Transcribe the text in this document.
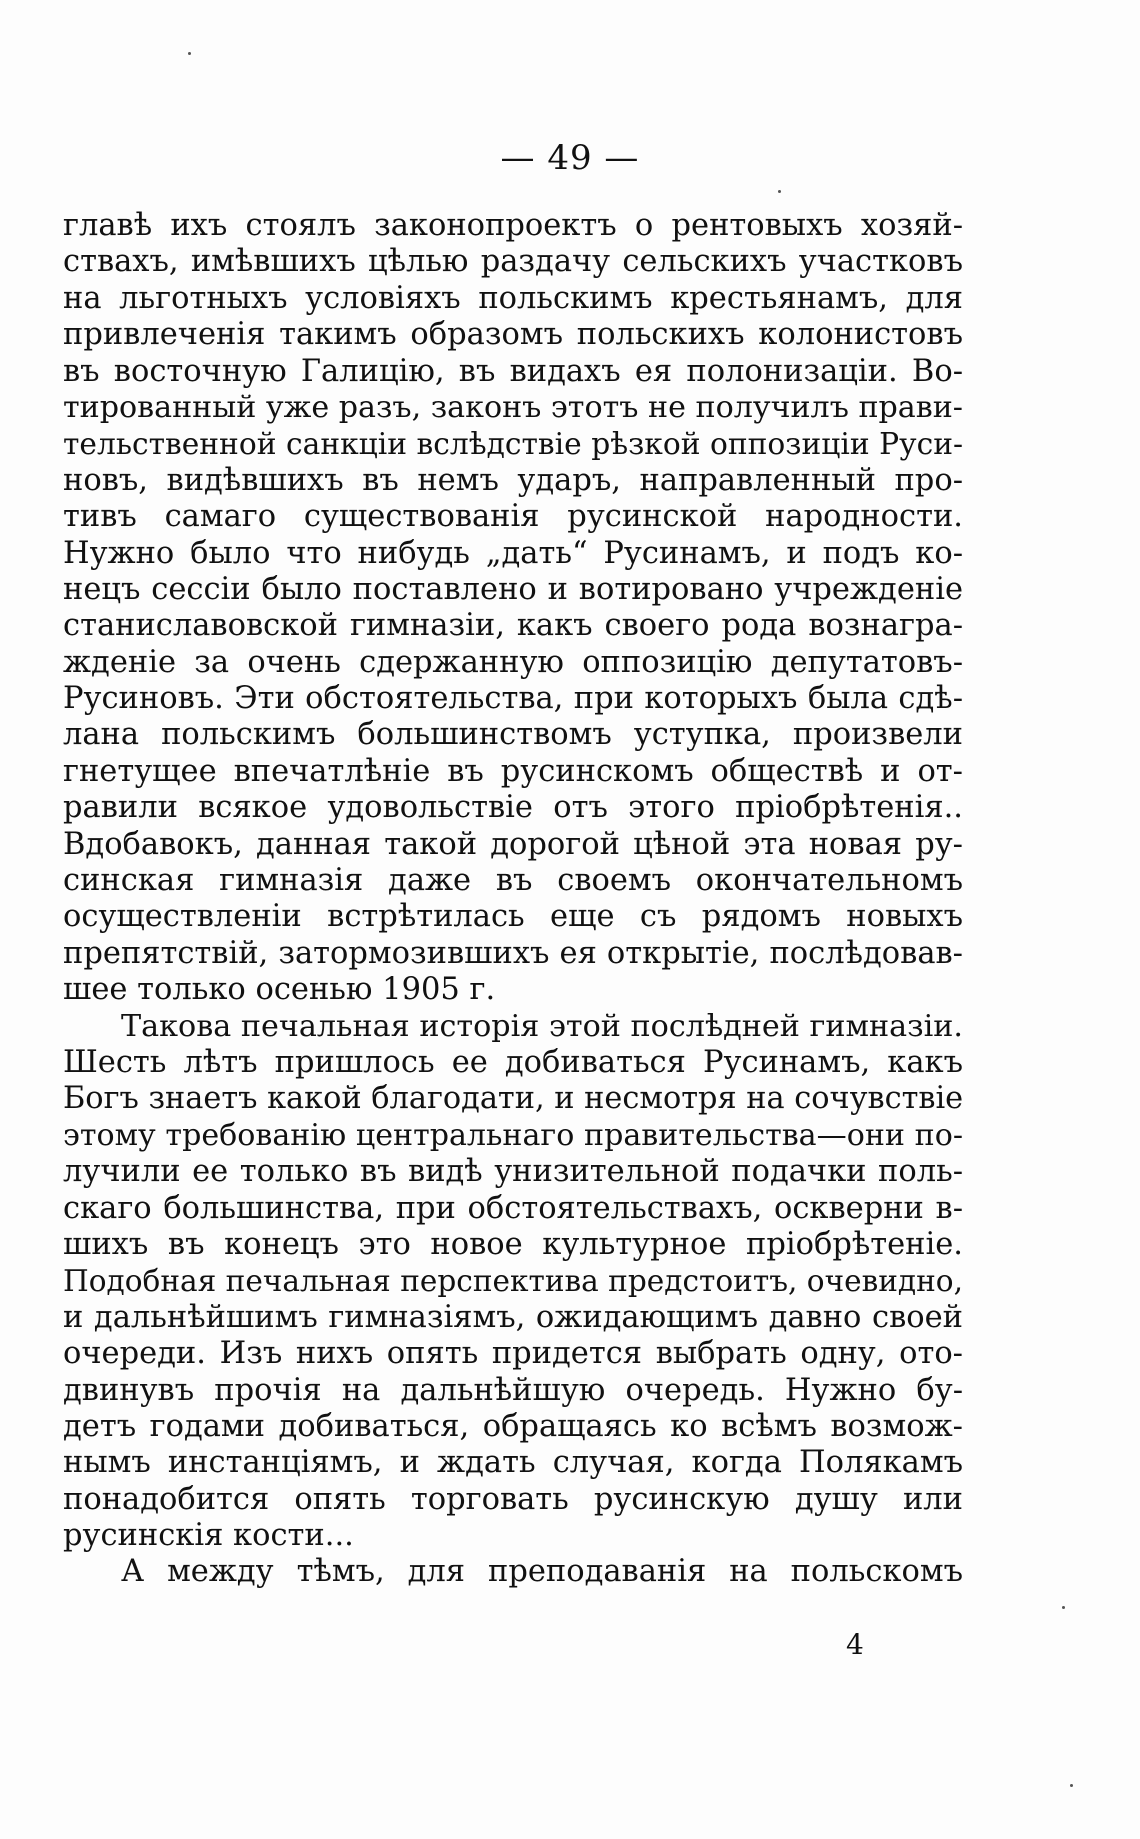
— 49 —
главѣ ихъ стоялъ законопроектъ о рентовыхъ хозяй-
ствахъ, имѣвшихъ цѣлью раздачу сельскихъ участковъ
на льготныхъ условіяхъ польскимъ крестьянамъ, для
привлеченія такимъ образомъ польскихъ колонистовъ
въ восточную Галицію, въ видахъ ея полонизаціи. Во-
тированный уже разъ, законъ этотъ не получилъ прави-
тельственной санкціи вслѣдствіе рѣзкой оппозиціи Руси-
новъ, видѣвшихъ въ немъ ударъ, направленный про-
тивъ самаго существованія русинской народности.
Нужно было что нибудь „дать“ Русинамъ, и подъ ко-
нецъ сессіи было поставлено и вотировано учрежденіе
станиславовской гимназіи, какъ своего рода вознагра-
жденіе за очень сдержанную оппозицію депутатовъ-
Русиновъ. Эти обстоятельства, при которыхъ была сдѣ-
лана польскимъ большинствомъ уступка, произвели
гнетущее впечатлѣніе въ русинскомъ обществѣ и от-
равили всякое удовольствіе отъ этого пріобрѣтенія..
Вдобавокъ, данная такой дорогой цѣной эта новая ру-
синская гимназія даже въ своемъ окончательномъ
осуществленіи встрѣтилась еще съ рядомъ новыхъ
препятствій, затормозившихъ ея открытіе, послѣдовав-
шее только осенью 1905 г.
Такова печальная исторія этой послѣдней гимназіи.
Шесть лѣтъ пришлось ее добиваться Русинамъ, какъ
Богъ знаетъ какой благодати, и несмотря на сочувствіе
этому требованію центральнаго правительства—они по-
лучили ее только въ видѣ унизительной подачки поль-
скаго большинства, при обстоятельствахъ, оскверни в-
шихъ въ конецъ это новое культурное пріобрѣтеніе.
Подобная печальная перспектива предстоитъ, очевидно,
и дальнѣйшимъ гимназіямъ, ожидающимъ давно своей
очереди. Изъ нихъ опять придется выбрать одну, ото-
двинувъ прочія на дальнѣйшую очередь. Нужно бу-
детъ годами добиваться, обращаясь ко всѣмъ возмож-
нымъ инстанціямъ, и ждать случая, когда Полякамъ
понадобится опять торговать русинскую душу или
русинскія кости...
А между тѣмъ, для преподаванія на польскомъ
4
